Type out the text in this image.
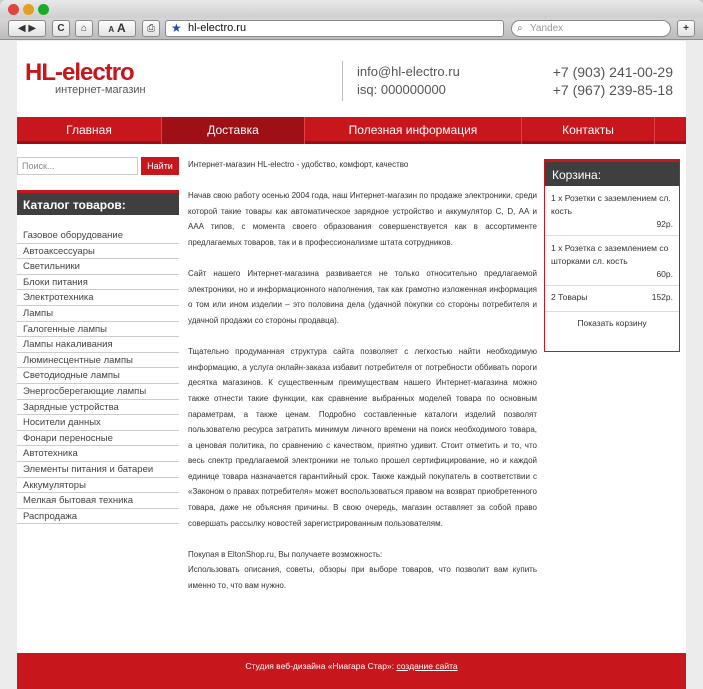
◀ ▶	C	⌂	A A	⎙	★ hl-electro.ru	⌕ Yandex	+
HL-electro
интернет-магазин
info@hl-electro.ru
isq: 000000000
+7 (903) 241-00-29
+7 (967) 239-85-18
Главная	Доставка	Полезная информация	Контакты
Поиск...	Найти
Каталог товаров:
Газовое оборудование
Автоаксессуары
Светильники
Блоки питания
Электротехника
Лампы
Галогенные лампы
Лампы накаливания
Люминесцентные лампы
Светодиодные лампы
Энергосберегающие лампы
Зарядные устройства
Носители данных
Фонари переносные
Автотехника
Элементы питания и батареи
Аккумуляторы
Мелкая бытовая техника
Распродажа

Интернет-магазин HL-electro - удобство, комфорт, качество

Начав свою работу осенью 2004 года, наш Интернет-магазин по продаже электроники, среди которой такие товары как автоматическое зарядное устройство и аккумулятор C, D, AA и AAA типов, с момента своего образования совершенствуется как в ассортименте предлагаемых товаров, так и в профессионализме штата сотрудников.

Сайт нашего Интернет-магазина развивается не только относительно предлагаемой электроники, но и информационного наполнения, так как грамотно изложенная информация о том или ином изделии – это половина дела (удачной покупки со стороны потребителя и удачной продажи со стороны продавца).

Тщательно продуманная структура сайта позволяет с легкостью найти необходимую информацию, а услуга онлайн-заказа избавит потребителя от потребности оббивать пороги десятка магазинов. К существенным преимуществам нашего Интернет-магазина можно также отнести такие функции, как сравнение выбранных моделей товара по основным параметрам, а также ценам. Подробно составленные каталоги изделий позволят пользователю ресурса затратить минимум личного времени на поиск необходимого товара, а ценовая политика, по сравнению с качеством, приятно удивит. Стоит отметить и то, что весь спектр предлагаемой электроники не только прошел сертифицирование, но и каждой единице товара назначается гарантийный срок. Также каждый покупатель в соответствии с «Законом о правах потребителя» может воспользоваться правом на возврат приобретенного товара, даже не объясняя причины. В свою очередь, магазин оставляет за собой право совершать рассылку новостей зарегистрированным пользователям.

Покупая в EltonShop.ru, Вы получаете возможность:
Использовать описания, советы, обзоры при выборе товаров, что позволит вам купить именно то, что вам нужно.
Корзина:
1 x Розетки с заземлением сл. кость
92р.
1 x Розетка с заземлением со шторками сл. кость
60р.
2 Товары	152р.
Показать корзину
Студия веб-дизайна «Ниагара Стар»: создание сайта
